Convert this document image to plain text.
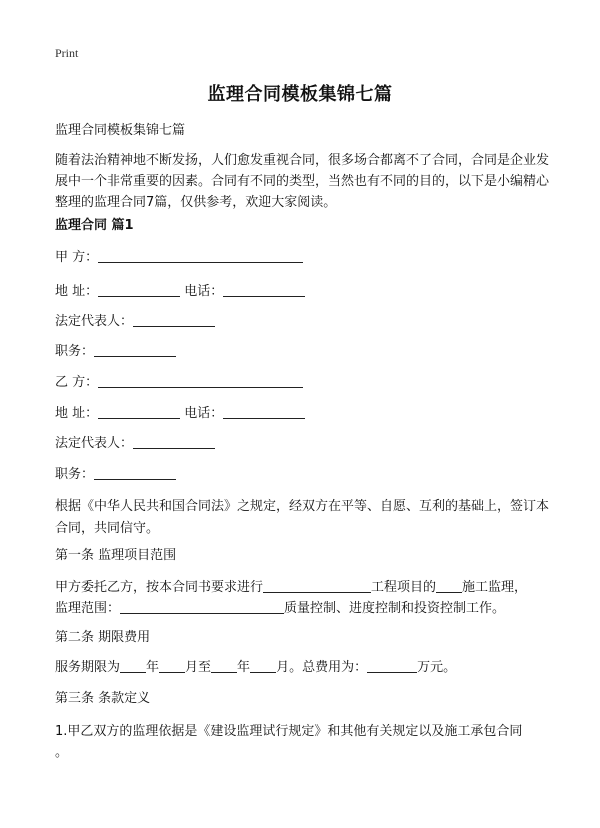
Print
监理合同模板集锦七篇

监理合同模板集锦七篇

随着法治精神地不断发扬，人们愈发重视合同，很多场合都离不了合同，合同是企业发展中一个非常重要的因素。合同有不同的类型，当然也有不同的目的，以下是小编精心整理的监理合同7篇，仅供参考，欢迎大家阅读。

监理合同 篇1

甲 方：

地 址：	电话：

法定代表人：

职务：

乙 方：

地 址：	电话：

法定代表人：

职务：

根据《中华人民共和国合同法》之规定，经双方在平等、自愿、互利的基础上，签订本合同，共同信守。

第一条 监理项目范围

甲方委托乙方，按本合同书要求进行	工程项目的 施工监理，
监理范围：	质量控制、进度控制和投资控制工作。

第二条 期限费用

服务期限为 年 月至 年 月。总费用为：	万元。

第三条 条款定义

1.甲乙双方的监理依据是《建设监理试行规定》和其他有关规定以及施工承包合同
。
